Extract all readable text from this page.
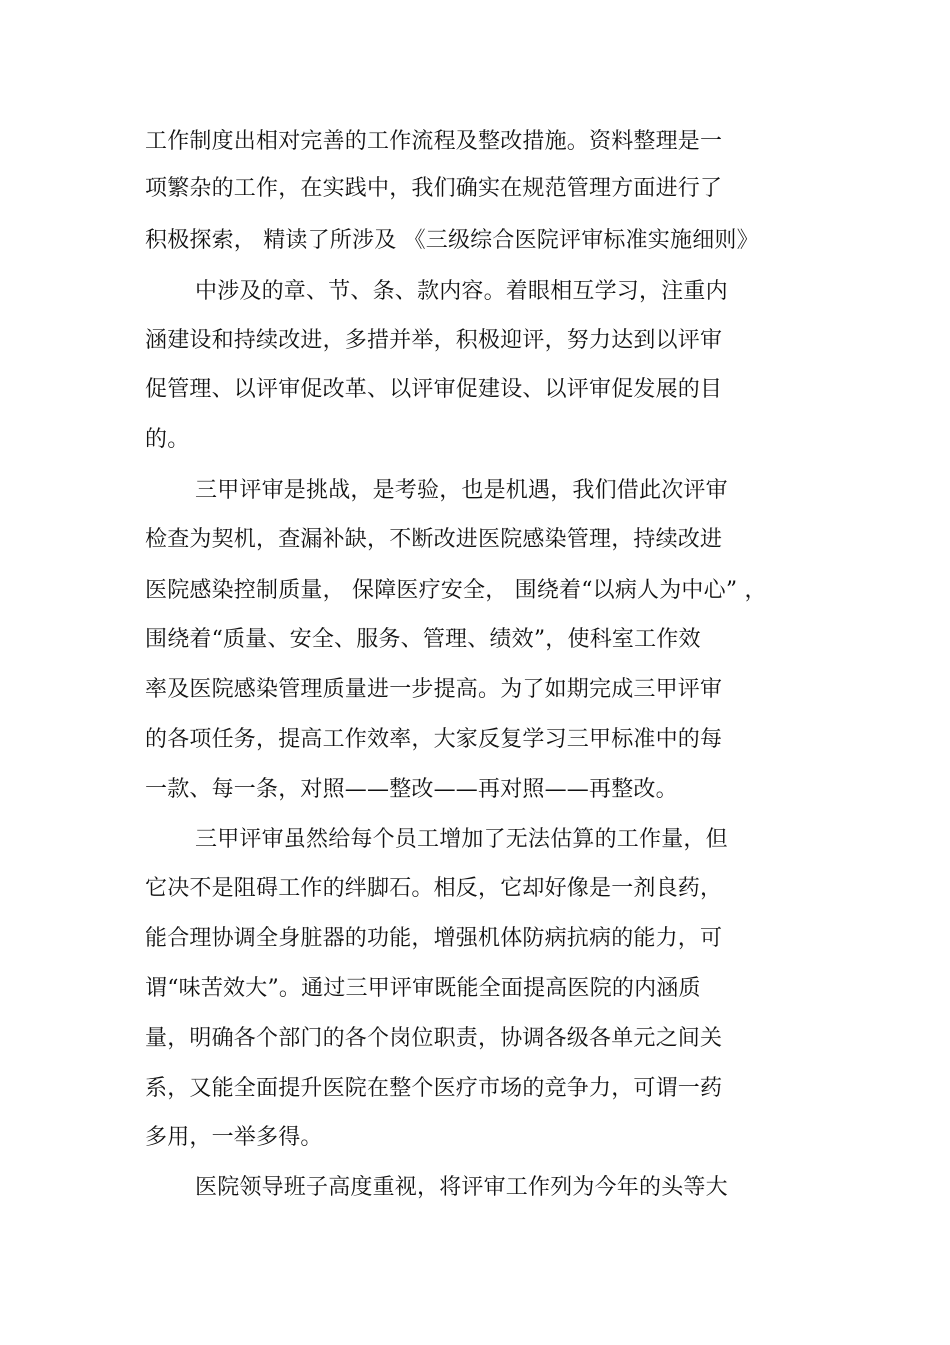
工作制度出相对完善的工作流程及整改措施。资料整理是一
项繁杂的工作，在实践中，我们确实在规范管理方面进行了
积极探索， 精读了所涉及 《三级综合医院评审标准实施细则》
中涉及的章、节、条、款内容。着眼相互学习，注重内
涵建设和持续改进，多措并举，积极迎评，努力达到以评审
促管理、以评审促改革、以评审促建设、以评审促发展的目
的。
三甲评审是挑战，是考验，也是机遇，我们借此次评审
检查为契机，查漏补缺，不断改进医院感染管理，持续改进
医院感染控制质量， 保障医疗安全， 围绕着“以病人为中心” ，
围绕着“质量、安全、服务、管理、绩效”，使科室工作效
率及医院感染管理质量进一步提高。为了如期完成三甲评审
的各项任务，提高工作效率，大家反复学习三甲标准中的每
一款、每一条，对照——整改——再对照——再整改。
三甲评审虽然给每个员工增加了无法估算的工作量，但
它决不是阻碍工作的绊脚石。相反，它却好像是一剂良药，
能合理协调全身脏器的功能，增强机体防病抗病的能力，可
谓“味苦效大”。通过三甲评审既能全面提高医院的内涵质
量，明确各个部门的各个岗位职责，协调各级各单元之间关
系，又能全面提升医院在整个医疗市场的竞争力，可谓一药
多用，一举多得。
医院领导班子高度重视，将评审工作列为今年的头等大
